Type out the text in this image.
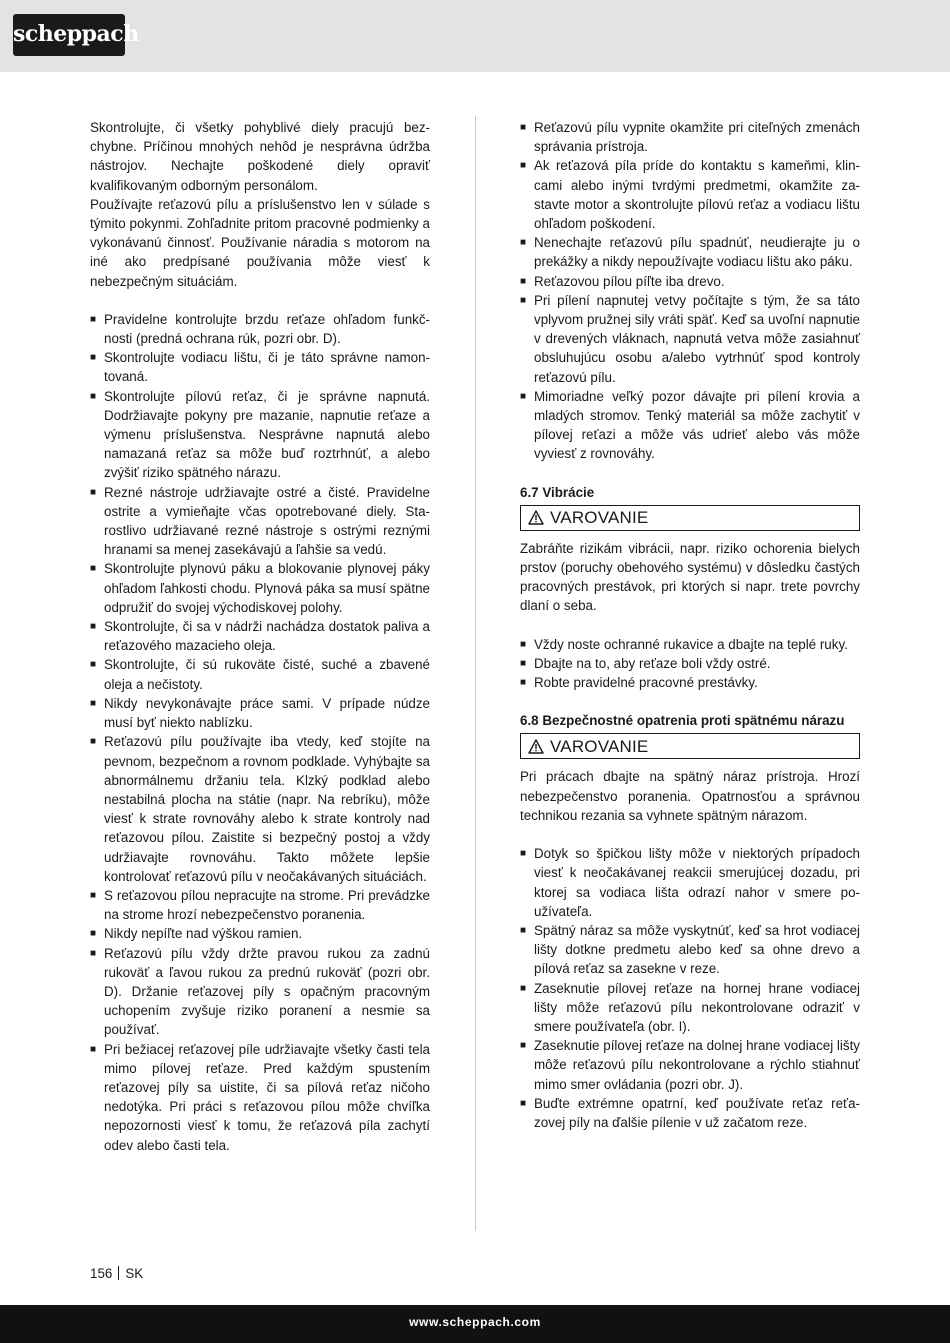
scheppach

Skontrolujte, či všetky pohyblivé diely pracujú bezchybne. Príčinou mnohých nehôd je nesprávna údržba nástrojov. Nechajte poškodené diely opraviť kvalifikovaným odborným personálom.

Používajte reťazovú pílu a príslušenstvo len v súlade s týmito pokynmi. Zohľadnite pritom pracovné podmienky a vykonávanú činnosť. Používanie náradia s motorom na iné ako predpísané používania môže viesť k nebezpečným situáciám.

■ Pravidelne kontrolujte brzdu reťaze ohľadom funkčnosti (predná ochrana rúk, pozri obr. D).
■ Skontrolujte vodiacu lištu, či je táto správne namontovaná.
■ Skontrolujte pílovú reťaz, či je správne napnutá. Dodržiavajte pokyny pre mazanie, napnutie reťaze a výmenu príslušenstva. Nesprávne napnutá alebo namazaná reťaz sa môže buď roztrhnúť, a alebo zvýšiť riziko spätného nárazu.
■ Rezné nástroje udržiavajte ostré a čisté. Pravidelne ostrite a vymieňajte včas opotrebované diely. Starostlivo udržiavané rezné nástroje s ostrými reznými hranami sa menej zasekávajú a ľahšie sa vedú.
■ Skontrolujte plynovú páku a blokovanie plynovej páky ohľadom ľahkosti chodu. Plynová páka sa musí spätne odpružiť do svojej východiskovej polohy.
■ Skontrolujte, či sa v nádrži nachádza dostatok paliva a reťazového mazacieho oleja.
■ Skontrolujte, či sú rukoväte čisté, suché a zbavené oleja a nečistoty.
■ Nikdy nevykonávajte práce sami. V prípade núdze musí byť niekto nablízku.
■ Reťazovú pílu používajte iba vtedy, keď stojíte na pevnom, bezpečnom a rovnom podklade. Vyhýbajte sa abnormálnemu držaniu tela. Klzký podklad alebo nestabilná plocha na státie (napr. Na rebríku), môže viesť k strate rovnováhy alebo k strate kontroly nad reťazovou pílou. Zaistite si bezpečný postoj a vždy udržiavajte rovnováhu. Takto môžete lepšie kontrolovať reťazovú pílu v neočakávaných situáciách.
■ S reťazovou pílou nepracujte na strome. Pri prevádzke na strome hrozí nebezpečenstvo poranenia.
■ Nikdy nepíľte nad výškou ramien.
■ Reťazovú pílu vždy držte pravou rukou za zadnú rukoväť a ľavou rukou za prednú rukoväť (pozri obr. D). Držanie reťazovej píly s opačným pracovným uchopením zvyšuje riziko poranení a nesmie sa používať.
■ Pri bežiacej reťazovej píle udržiavajte všetky časti tela mimo pílovej reťaze. Pred každým spustením reťazovej píly sa uistite, či sa pílová reťaz ničoho nedotýka. Pri práci s reťazovou pílou môže chvíľka nepozornosti viesť k tomu, že reťazová píla zachytí odev alebo časti tela.
■ Reťazovú pílu vypnite okamžite pri citeľných zmenách správania prístroja.
■ Ak reťazová píla príde do kontaktu s kameňmi, klincami alebo inými tvrdými predmetmi, okamžite zastavte motor a skontrolujte pílovú reťaz a vodiacu lištu ohľadom poškodení.
■ Nenechajte reťazovú pílu spadnúť, neudierajte ju o prekážky a nikdy nepoužívajte vodiacu lištu ako páku.
■ Reťazovou pílou píľte iba drevo.
■ Pri pílení napnutej vetvy počítajte s tým, že sa táto vplyvom pružnej sily vráti späť. Keď sa uvoľní napnutie v drevených vláknach, napnutá vetva môže zasiahnuť obsluhujúcu osobu a/alebo vytrhnúť spod kontroly reťazovú pílu.
■ Mimoriadne veľký pozor dávajte pri pílení krovia a mladých stromov. Tenký materiál sa môže zachytiť v pílovej reťazi a môže vás udrieť alebo vás môže vyviesť z rovnováhy.
6.7 Vibrácie
VAROVANIE

Zabráňte rizikám vibrácii, napr. riziko ochorenia bielych prstov (poruchy obehového systému) v dôsledku častých pracovných prestávok, pri ktorých si napr. trete povrchy dlaní o seba.

■ Vždy noste ochranné rukavice a dbajte na teplé ruky.
■ Dbajte na to, aby reťaze boli vždy ostré.
■ Robte pravidelné pracovné prestávky.
6.8 Bezpečnostné opatrenia proti spätnému nárazu
VAROVANIE

Pri prácach dbajte na spätný náraz prístroja. Hrozí nebezpečenstvo poranenia. Opatrnosťou a správnou technikou rezania sa vyhnete spätným nárazom.

■ Dotyk so špičkou lišty môže v niektorých prípadoch viesť k neočakávanej reakcii smerujúcej dozadu, pri ktorej sa vodiaca lišta odrazí nahor v smere používateľa.
■ Spätný náraz sa môže vyskytnúť, keď sa hrot vodiacej lišty dotkne predmetu alebo keď sa ohne drevo a pílová reťaz sa zasekne v reze.
■ Zaseknutie pílovej reťaze na hornej hrane vodiacej lišty môže reťazovú pílu nekontrolovane odraziť v smere používateľa (obr. I).
■ Zaseknutie pílovej reťaze na dolnej hrane vodiacej lišty môže reťazovú pílu nekontrolovane a rýchlo stiahnuť mimo smer ovládania (pozri obr. J).
■ Buďte extrémne opatrní, keď používate reťaz reťazovej píly na ďalšie pílenie v už začatom reze.
156 SK
www.scheppach.com
